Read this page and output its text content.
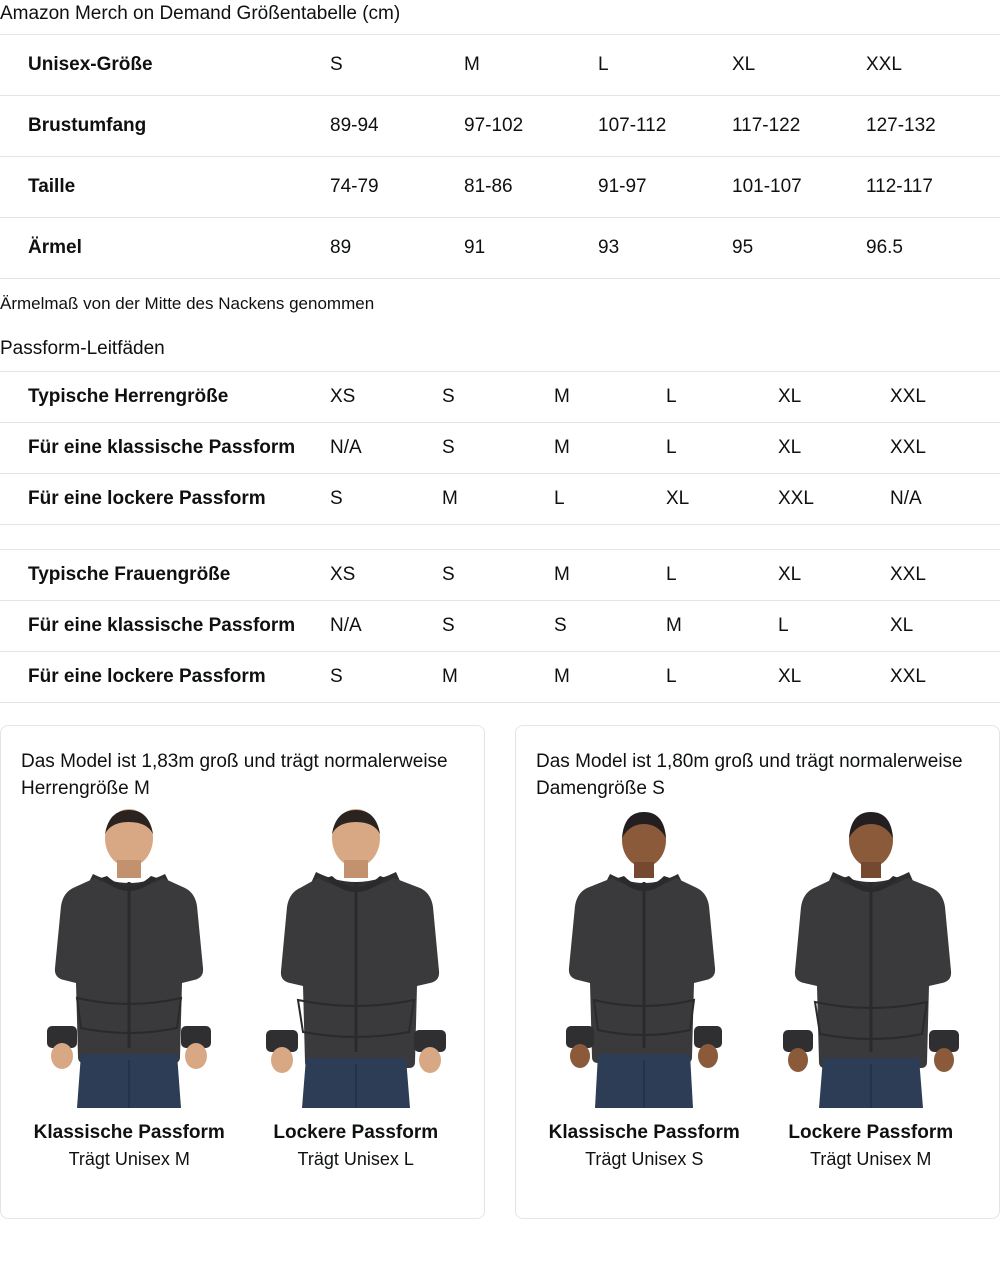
Amazon Merch on Demand Größentabelle (cm)
Unisex-Größe	S	M	L	XL	XXL
Brustumfang	89-94	97-102	107-112	117-122	127-132
Taille	74-79	81-86	91-97	101-107	112-117
Ärmel	89	91	93	95	96.5
Ärmelmaß von der Mitte des Nackens genommen
Passform-Leitfäden
Typische Herrengröße	XS	S	M	L	XL	XXL
Für eine klassische Passform	N/A	S	M	L	XL	XXL
Für eine lockere Passform	S	M	L	XL	XXL	N/A
Typische Frauengröße	XS	S	M	L	XL	XXL
Für eine klassische Passform	N/A	S	S	M	L	XL
Für eine lockere Passform	S	M	M	L	XL	XXL
Das Model ist 1,83m groß und trägt normalerweise Herrengröße M
Klassische Passform
Trägt Unisex M
Lockere Passform
Trägt Unisex L
Das Model ist 1,80m groß und trägt normalerweise Damengröße S
Klassische Passform
Trägt Unisex S
Lockere Passform
Trägt Unisex M
